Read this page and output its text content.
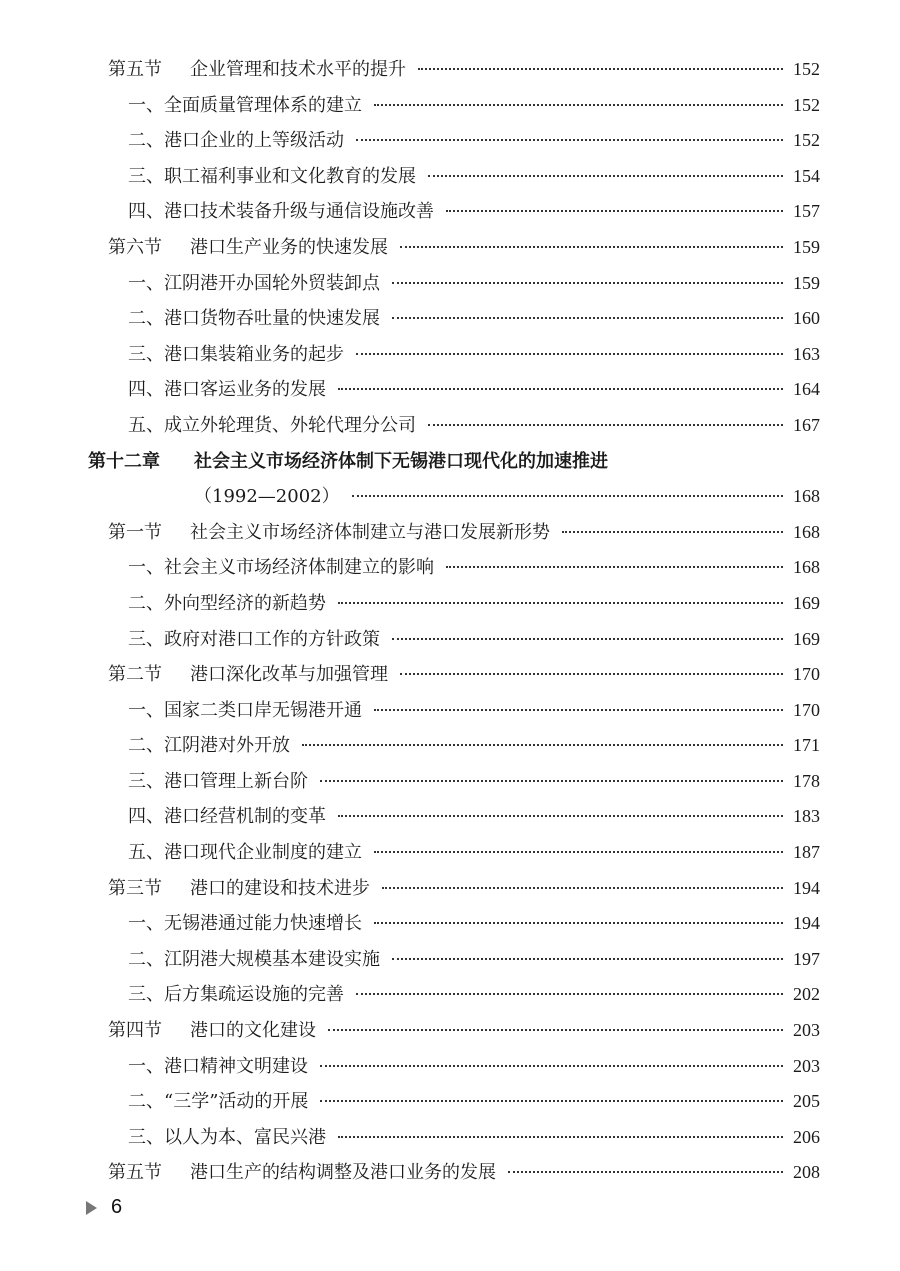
第五节 企业管理和技术水平的提升	152
一、全面质量管理体系的建立	152
二、港口企业的上等级活动	152
三、职工福利事业和文化教育的发展	154
四、港口技术装备升级与通信设施改善	157
第六节 港口生产业务的快速发展	159
一、江阴港开办国轮外贸装卸点	159
二、港口货物吞吐量的快速发展	160
三、港口集装箱业务的起步	163
四、港口客运业务的发展	164
五、成立外轮理货、外轮代理分公司	167
第十二章 社会主义市场经济体制下无锡港口现代化的加速推进
（1992—2002）	168
第一节 社会主义市场经济体制建立与港口发展新形势	168
一、社会主义市场经济体制建立的影响	168
二、外向型经济的新趋势	169
三、政府对港口工作的方针政策	169
第二节 港口深化改革与加强管理	170
一、国家二类口岸无锡港开通	170
二、江阴港对外开放	171
三、港口管理上新台阶	178
四、港口经营机制的变革	183
五、港口现代企业制度的建立	187
第三节 港口的建设和技术进步	194
一、无锡港通过能力快速增长	194
二、江阴港大规模基本建设实施	197
三、后方集疏运设施的完善	202
第四节 港口的文化建设	203
一、港口精神文明建设	203
二、“三学”活动的开展	205
三、以人为本、富民兴港	206
第五节 港口生产的结构调整及港口业务的发展	208
6
